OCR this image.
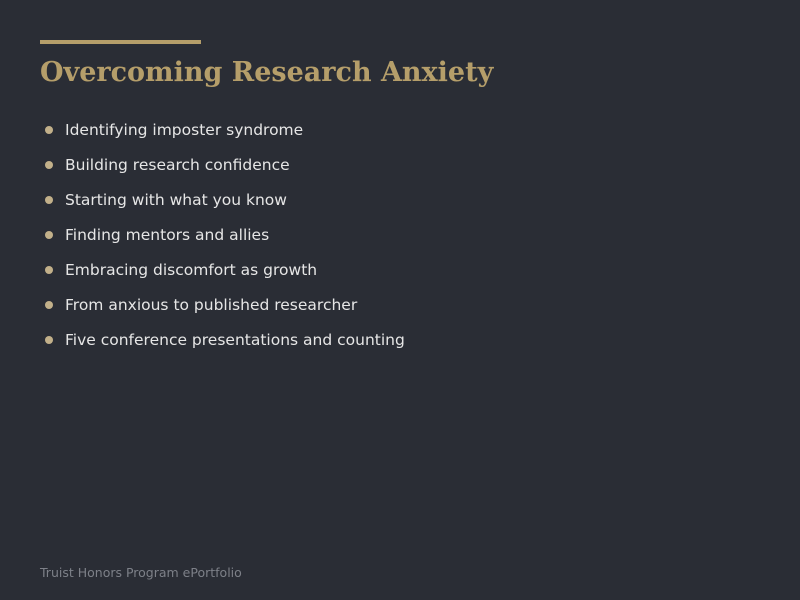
Overcoming Research Anxiety
Identifying imposter syndrome
Building research confidence
Starting with what you know
Finding mentors and allies
Embracing discomfort as growth
From anxious to published researcher
Five conference presentations and counting
Truist Honors Program ePortfolio
